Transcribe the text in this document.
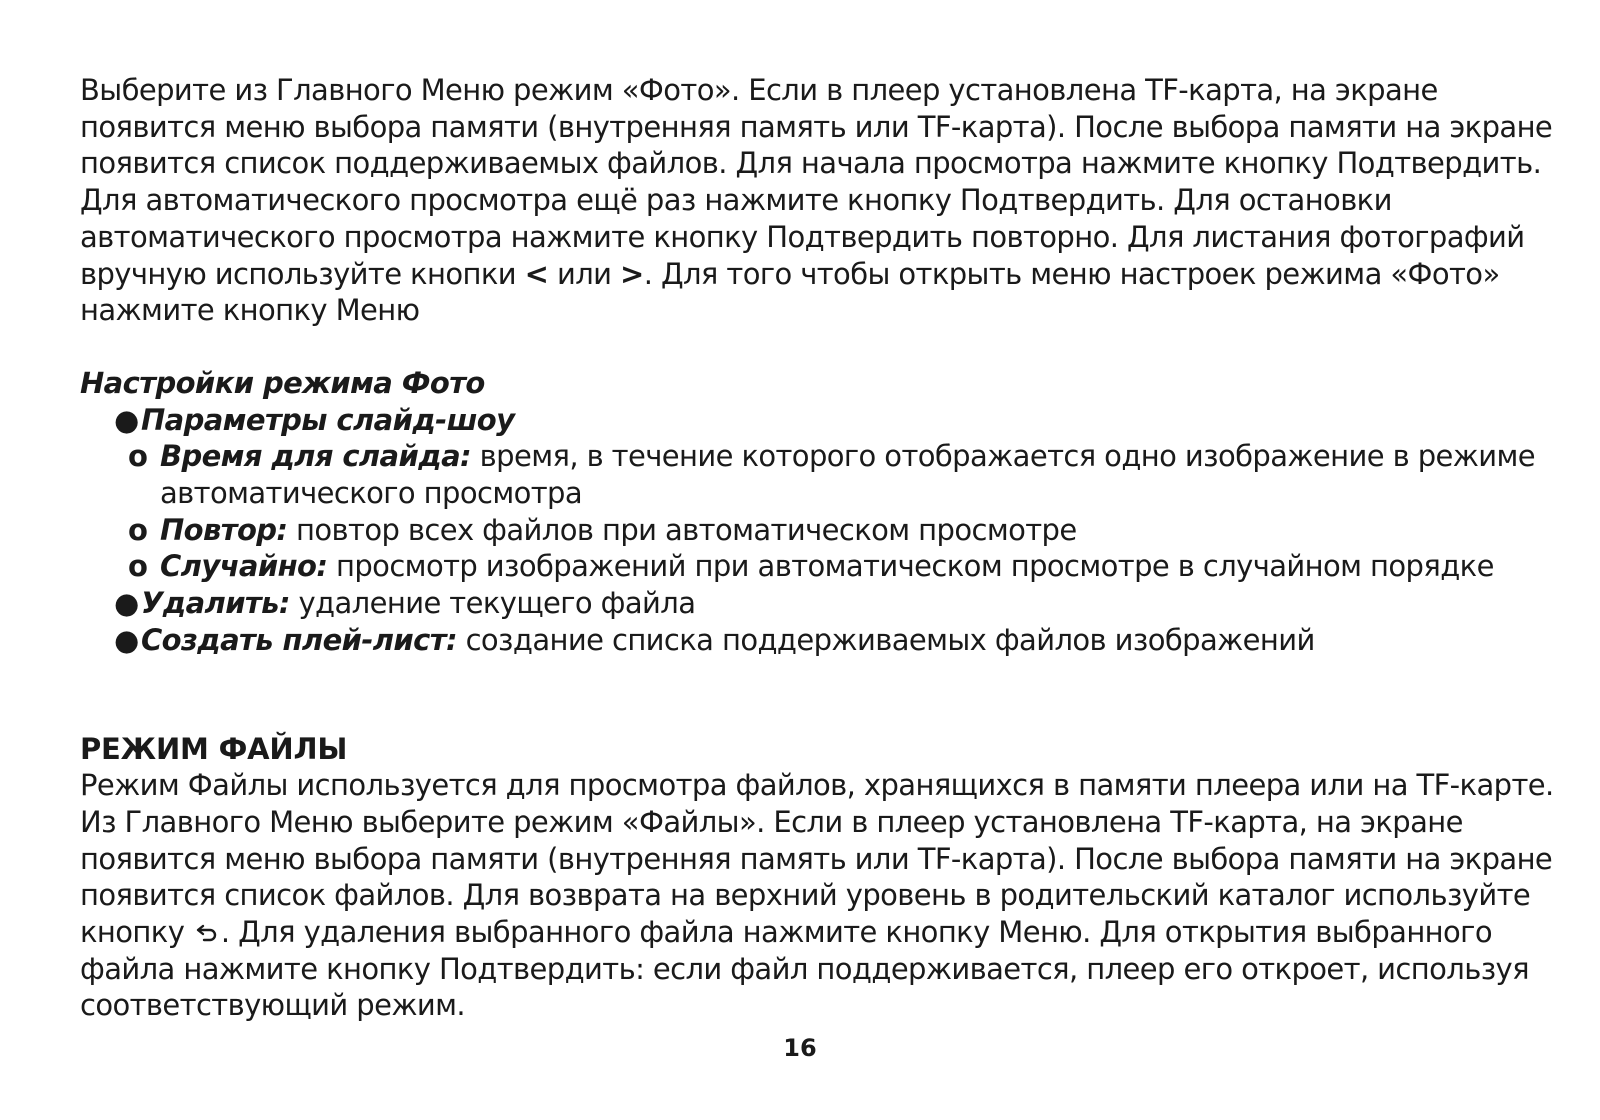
Выберите из Главного Меню режим «Фото». Если в плеер установлена TF-карта, на экране
появится меню выбора памяти (внутренняя память или TF-карта). После выбора памяти на экране
появится список поддерживаемых файлов. Для начала просмотра нажмите кнопку Подтвердить.
Для автоматического просмотра ещё раз нажмите кнопку Подтвердить. Для остановки
автоматического просмотра нажмите кнопку Подтвердить повторно. Для листания фотографий
вручную используйте кнопки < или >. Для того чтобы открыть меню настроек режима «Фото»
нажмите кнопку Меню
Настройки режима Фото
●Параметры слайд-шоу
o Время для слайда: время, в течение которого отображается одно изображение в режиме
автоматического просмотра
o Повтор: повтор всех файлов при автоматическом просмотре
o Случайно: просмотр изображений при автоматическом просмотре в случайном порядке
●Удалить: удаление текущего файла
●Создать плей-лист: создание списка поддерживаемых файлов изображений
РЕЖИМ ФАЙЛЫ
Режим Файлы используется для просмотра файлов, хранящихся в памяти плеера или на TF-карте.
Из Главного Меню выберите режим «Файлы». Если в плеер установлена TF-карта, на экране
появится меню выбора памяти (внутренняя память или TF-карта). После выбора памяти на экране
появится список файлов. Для возврата на верхний уровень в родительский каталог используйте
кнопку . Для удаления выбранного файла нажмите кнопку Меню. Для открытия выбранного
файла нажмите кнопку Подтвердить: если файл поддерживается, плеер его откроет, используя
соответствующий режим.
16
